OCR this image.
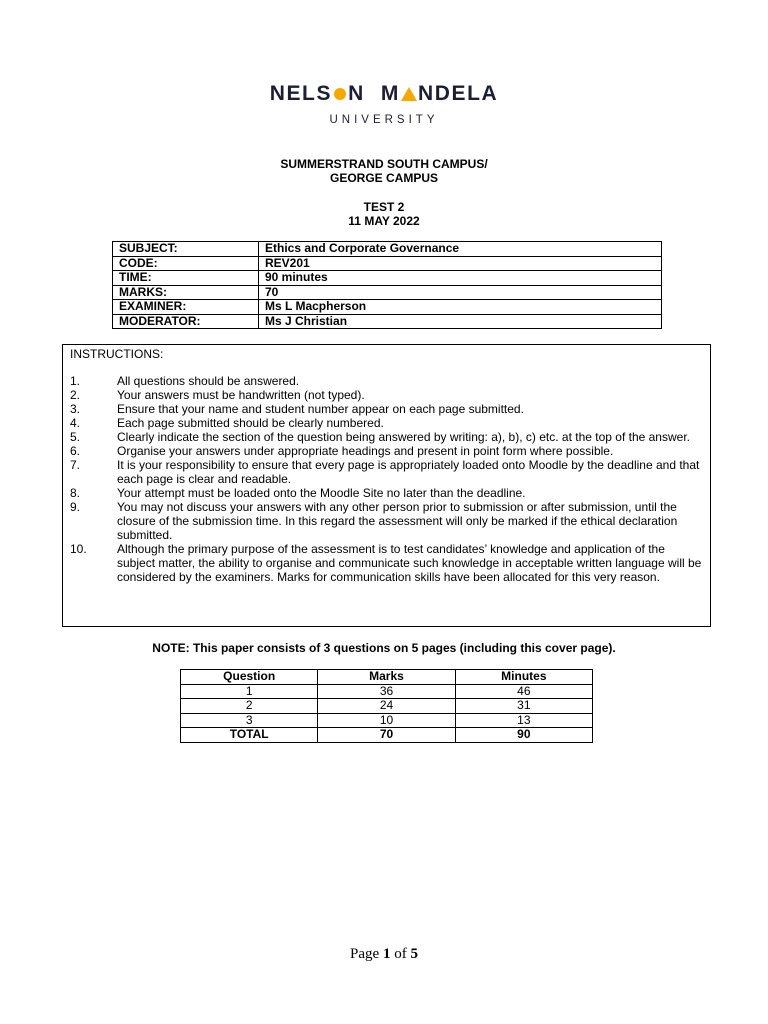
NELS N M NDELA
UNIVERSITY
SUMMERSTRAND SOUTH CAMPUS/
GEORGE CAMPUS
TEST 2
11 MAY 2022
SUBJECT:	Ethics and Corporate Governance
CODE:	REV201
TIME:	90 minutes
MARKS:	70
EXAMINER:	Ms L Macpherson
MODERATOR:	Ms J Christian
INSTRUCTIONS:
1.	All questions should be answered.
2.	Your answers must be handwritten (not typed).
3.	Ensure that your name and student number appear on each page submitted.
4.	Each page submitted should be clearly numbered.
5.	Clearly indicate the section of the question being answered by writing: a), b), c) etc. at the top of the answer.
6.	Organise your answers under appropriate headings and present in point form where possible.
7.	It is your responsibility to ensure that every page is appropriately loaded onto Moodle by the deadline and that each page is clear and readable.
8.	Your attempt must be loaded onto the Moodle Site no later than the deadline.
9.	You may not discuss your answers with any other person prior to submission or after submission, until the closure of the submission time. In this regard the assessment will only be marked if the ethical declaration submitted.
10.	Although the primary purpose of the assessment is to test candidates’ knowledge and application of the subject matter, the ability to organise and communicate such knowledge in acceptable written language will be considered by the examiners. Marks for communication skills have been allocated for this very reason.
NOTE: This paper consists of 3 questions on 5 pages (including this cover page).
Question	Marks	Minutes
1	36	46
2	24	31
3	10	13
TOTAL	70	90
Page 1 of 5
